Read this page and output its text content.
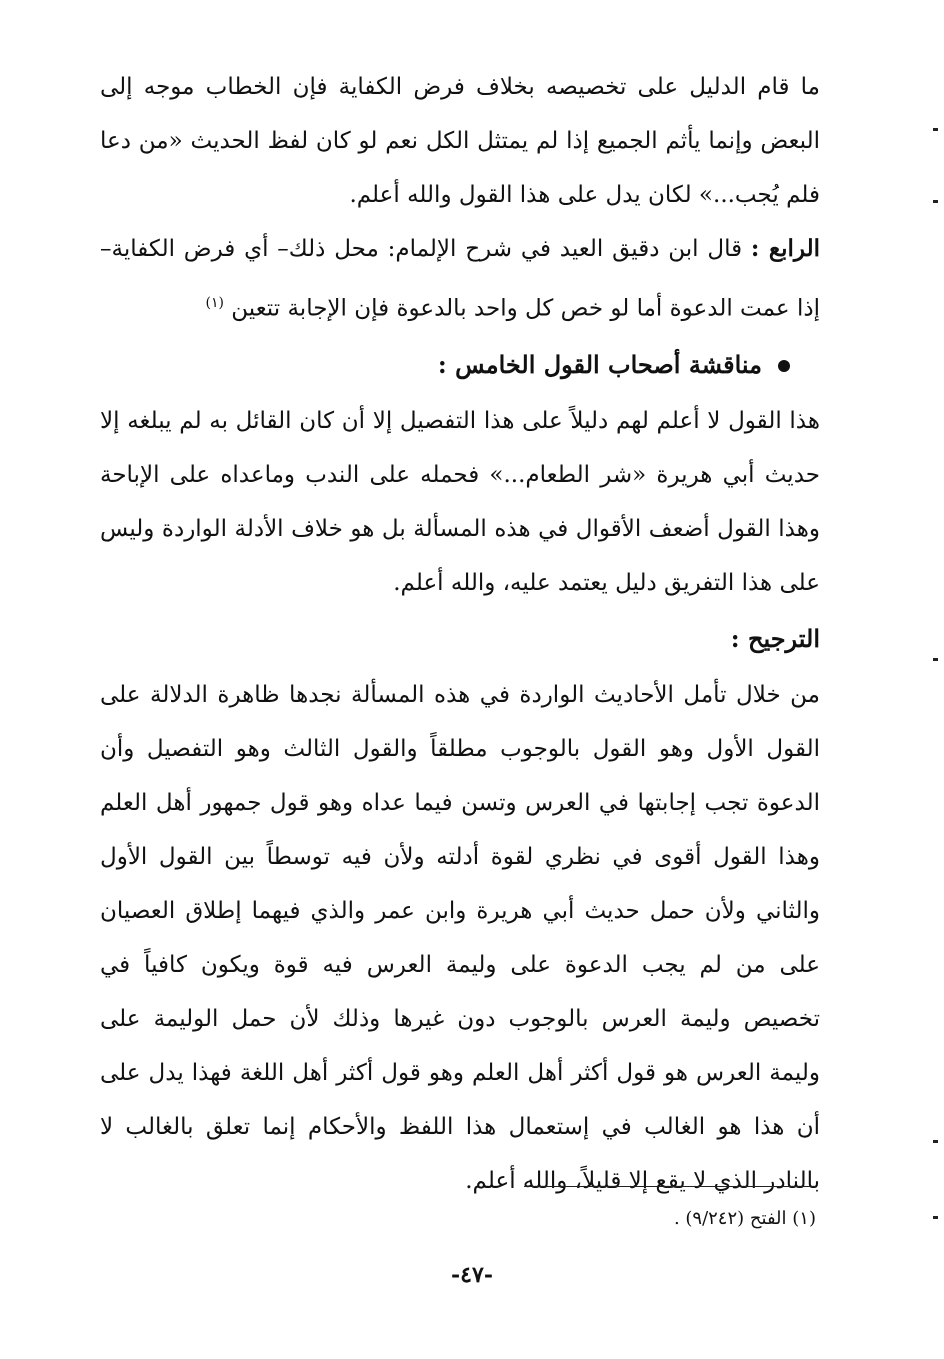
ما قام الدليل على تخصيصه بخلاف فرض الكفاية فإن الخطاب موجه إلى البعض وإنما يأثم الجميع إذا لم يمتثل الكل نعم لو كان لفظ الحديث «من دعا فلم يُجب...» لكان يدل على هذا القول والله أعلم.

الرابع : قال ابن دقيق العيد في شرح الإلمام: محل ذلك– أي فرض الكفاية– إذا عمت الدعوة أما لو خص كل واحد بالدعوة فإن الإجابة تتعين $^{(١)}$

مناقشة أصحاب القول الخامس :

هذا القول لا أعلم لهم دليلاً على هذا التفصيل إلا أن كان القائل به لم يبلغه إلا حديث أبي هريرة «شر الطعام...» فحمله على الندب وماعداه على الإباحة وهذا القول أضعف الأقوال في هذه المسألة بل هو خلاف الأدلة الواردة وليس على هذا التفريق دليل يعتمد عليه، والله أعلم.

الترجيح :

من خلال تأمل الأحاديث الواردة في هذه المسألة نجدها ظاهرة الدلالة على القول الأول وهو القول بالوجوب مطلقاً والقول الثالث وهو التفصيل وأن الدعوة تجب إجابتها في العرس وتسن فيما عداه وهو قول جمهور أهل العلم وهذا القول أقوى في نظري لقوة أدلته ولأن فيه توسطاً بين القول الأول والثاني ولأن حمل حديث أبي هريرة وابن عمر والذي فيهما إطلاق العصيان على من لم يجب الدعوة على وليمة العرس فيه قوة ويكون كافياً في تخصيص وليمة العرس بالوجوب دون غيرها وذلك لأن حمل الوليمة على وليمة العرس هو قول أكثر أهل العلم وهو قول أكثر أهل اللغة فهذا يدل على أن هذا هو الغالب في إستعمال هذا اللفظ والأحكام إنما تعلق بالغالب لا بالنادر الذي لا يقع إلا قليلاً، والله أعلم.

(١) الفتح (٩/٢٤٢) .
-٤٧-
